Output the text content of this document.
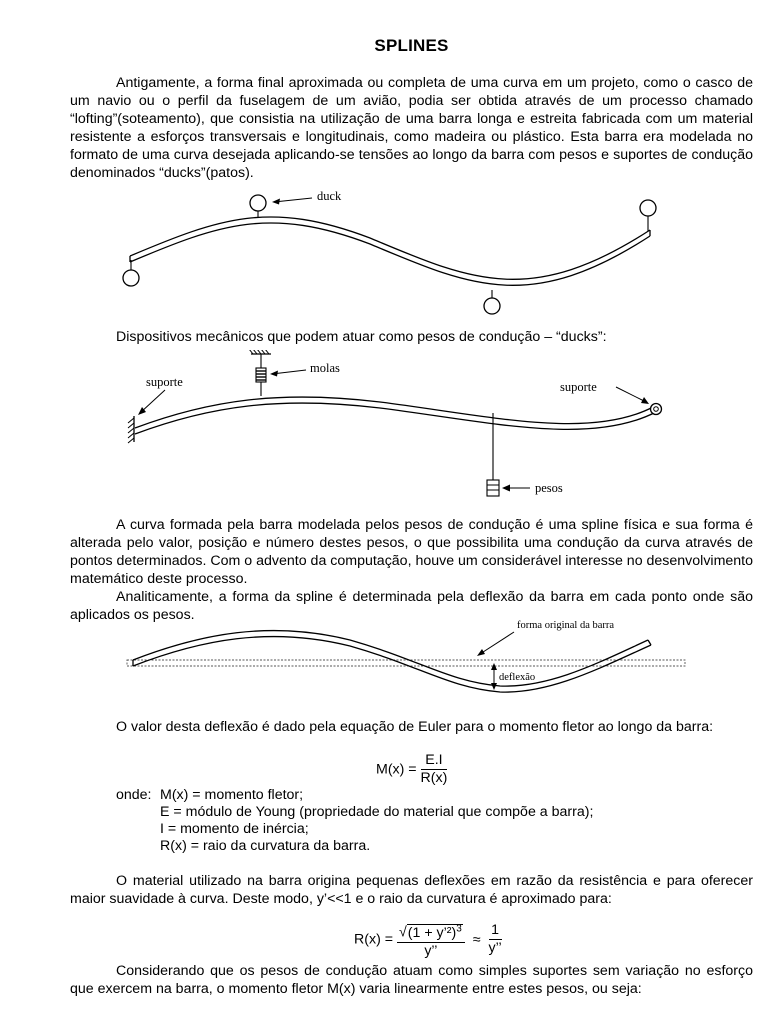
SPLINES

Antigamente, a forma final aproximada ou completa de uma curva em um projeto, como o casco de um navio ou o perfil da fuselagem de um avião, podia ser obtida através de um processo chamado “lofting”(soteamento), que consistia na utilização de uma barra longa e estreita fabricada com um material resistente a esforços transversais e longitudinais, como madeira ou plástico. Esta barra era modelada no formato de uma curva desejada aplicando-se tensões ao longo da barra com pesos e suportes de condução denominados “ducks”(patos).

duck

Dispositivos mecânicos que podem atuar como pesos de condução – “ducks”:

molas
suporte	suporte
pesos

A curva formada pela barra modelada pelos pesos de condução é uma spline física e sua forma é alterada pelo valor, posição e número destes pesos, o que possibilita uma condução da curva através de pontos determinados. Com o advento da computação, houve um considerável interesse no desenvolvimento matemático deste processo.

Analiticamente, a forma da spline é determinada pela deflexão da barra em cada ponto onde são aplicados os pesos.

deflexão
forma original da barra

O valor desta deflexão é dado pela equação de Euler para o momento fletor ao longo da barra:

$M(x) = \frac{E.I}{R(x)}$
onde: M(x) = momento fletor;
E = módulo de Young (propriedade do material que compõe a barra);
I = momento de inércia;
R(x) = raio da curvatura da barra.

O material utilizado na barra origina pequenas deflexões em razão da resistência e para oferecer maior suavidade à curva. Deste modo, y’<<1 e o raio da curvatura é aproximado para:

$R(x) = \frac{√(1 + y’^2)^3}{y’’} \approx \frac{1}{y’’}$

Considerando que os pesos de condução atuam como simples suportes sem variação no esforço que exercem na barra, o momento fletor M(x) varia linearmente entre estes pesos, ou seja:
